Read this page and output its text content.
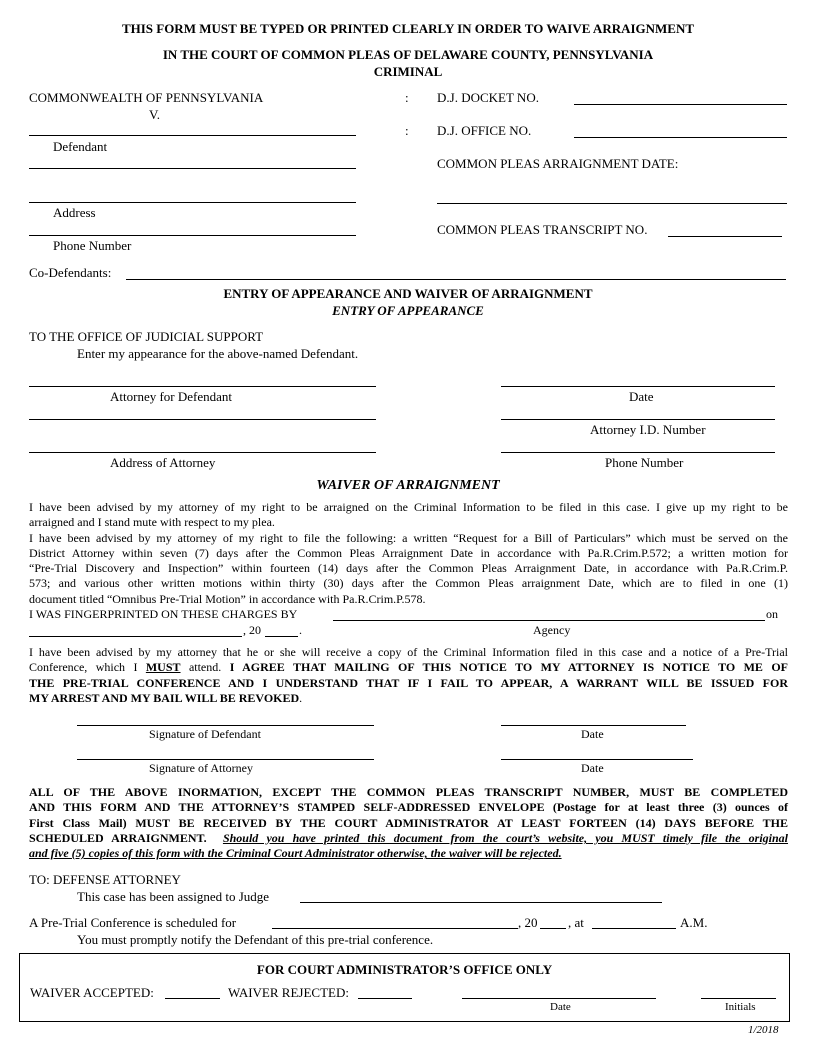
THIS FORM MUST BE TYPED OR PRINTED CLEARLY IN ORDER TO WAIVE ARRAIGNMENT
IN THE COURT OF COMMON PLEAS OF DELAWARE COUNTY, PENNSYLVANIA
CRIMINAL
COMMONWEALTH OF PENNSYLVANIA
V.
Defendant
Address
Phone Number
: D.J. DOCKET NO.
: D.J. OFFICE NO.
COMMON PLEAS ARRAIGNMENT DATE:
COMMON PLEAS TRANSCRIPT NO.
Co-Defendants:
ENTRY OF APPEARANCE AND WAIVER OF ARRAIGNMENT
ENTRY OF APPEARANCE
TO THE OFFICE OF JUDICIAL SUPPORT
Enter my appearance for the above-named Defendant.
Attorney for Defendant	Date
Attorney I.D. Number
Address of Attorney	Phone Number
WAIVER OF ARRAIGNMENT
I have been advised by my attorney of my right to be arraigned on the Criminal Information to be filed in this case. I give up my right to be
arraigned and I stand mute with respect to my plea.
I have been advised by my attorney of my right to file the following: a written “Request for a Bill of Particulars” which must be served on the
District Attorney within seven (7) days after the Common Pleas Arraignment Date in accordance with Pa.R.Crim.P.572; a written motion for
“Pre-Trial Discovery and Inspection” within fourteen (14) days after the Common Pleas Arraignment Date, in accordance with Pa.R.Crim.P.
573; and various other written motions within thirty (30) days after the Common Pleas arraignment Date, which are to filed in one (1)
document titled “Omnibus Pre-Trial Motion” in accordance with Pa.R.Crim.P.578.
I WAS FINGERPRINTED ON THESE CHARGES BY	on
, 20	.	Agency
I have been advised by my attorney that he or she will receive a copy of the Criminal Information filed in this case and a notice of a Pre-Trial
Conference, which I MUST attend. I AGREE THAT MAILING OF THIS NOTICE TO MY ATTORNEY IS NOTICE TO ME OF
THE PRE-TRIAL CONFERENCE AND I UNDERSTAND THAT IF I FAIL TO APPEAR, A WARRANT WILL BE ISSUED FOR
MY ARREST AND MY BAIL WILL BE REVOKED.
Signature of Defendant	Date
Signature of Attorney	Date
ALL OF THE ABOVE INORMATION, EXCEPT THE COMMON PLEAS TRANSCRIPT NUMBER, MUST BE COMPLETED
AND THIS FORM AND THE ATTORNEY’S STAMPED SELF-ADDRESSED ENVELOPE (Postage for at least three (3) ounces of
First Class Mail) MUST BE RECEIVED BY THE COURT ADMINISTRATOR AT LEAST FORTEEN (14) DAYS BEFORE THE
SCHEDULED ARRAIGNMENT. Should you have printed this document from the court’s website, you MUST timely file the original
and five (5) copies of this form with the Criminal Court Administrator otherwise, the waiver will be rejected.
TO: DEFENSE ATTORNEY
This case has been assigned to Judge
A Pre-Trial Conference is scheduled for	, 20 , at	A.M.
You must promptly notify the Defendant of this pre-trial conference.
FOR COURT ADMINISTRATOR’S OFFICE ONLY
WAIVER ACCEPTED:	WAIVER REJECTED:
Date	Initials
1/2018
